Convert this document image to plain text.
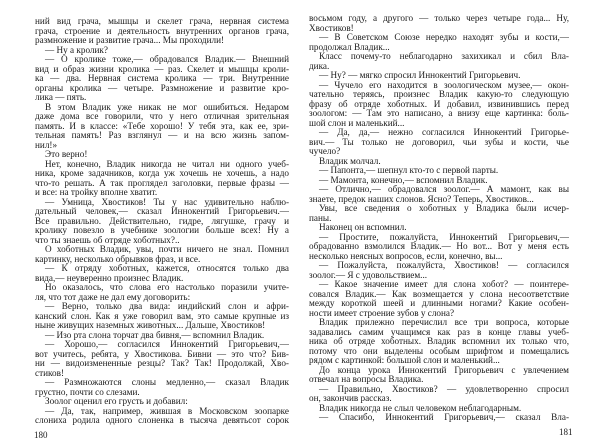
ний вид грача, мышцы и скелет грача, нервная система
грача, строение и деятельность внутренних органов грача,
размножение и развитие грача... Мы проходили!
— Ну а кролик?
— О кролике тоже,— обрадовался Владик.— Внешний
вид и образ жизни кролика — раз. Скелет и мышцы кроли-
ка — два. Нервная система кролика — три. Внутренние
органы кролика — четыре. Размножение и развитие кро-
лика — пять.
В этом Владик уже никак не мог ошибиться. Недаром
даже дома все говорили, что у него отличная зрительная
память. И в классе: «Тебе хорошо! У тебя эта, как ее, зри-
тельная память! Раз взглянул — и на всю жизнь запом-
нил!»
Это верно!
Нет, конечно, Владик никогда не читал ни одного учеб-
ника, кроме задачников, когда уж хочешь не хочешь, а надо
что-то решать. А так проглядел заголовки, первые фразы —
и все: на тройку вполне хватит.
— Умница, Хвостиков! Ты у нас удивительно наблю-
дательный человек,— сказал Иннокентий Григорьевич.—
Все правильно. Действительно, гидре, лягушке, грачу и
кролику повезло в учебнике зоологии больше всех! Ну а
что ты знаешь об отряде хоботных?..
О хоботных Владик, увы, почти ничего не знал. Помнил
картинку, несколько обрывков фраз, и все.
— К отряду хоботных, кажется, относятся только два
вида,— неуверенно произнес Владик.
Но оказалось, что слова его настолько поразили учите-
ля, что тот даже не дал ему договорить:
— Верно, только два вида: индийский слон и афри-
канский слон. Как я уже говорил вам, это самые крупные из
ныне живущих наземных животных... Дальше, Хвостиков!
— Изо рта слона торчат два бивня,— вспомнил Владик.
— Хорошо,— согласился Иннокентий Григорьевич,—
вот учитесь, ребята, у Хвостикова. Бивни — это что? Бив-
ни — видоизмененные резцы? Так? Так! Продолжай, Хво-
стиков!
— Размножаются слоны медленно,— сказал Владик
грустно, почти со слезами.
Зоолог оценил его грусть и добавил:
— Да, так, например, жившая в Московском зоопарке
слониха родила одного слоненка в тысяча девятьсот сорок
восьмом году, а другого — только через четыре года... Ну,
Хвостиков!
— В Советском Союзе нередко находят зубы и кости,—
продолжал Владик...
Класс почему-то неблагодарно захихикал и сбил Вла-
дика.
— Ну? — мягко спросил Иннокентий Григорьевич.
— Чучело его находится в зоологическом музее,— окон-
чательно теряясь, произнес Владик какую-то следующую
фразу об отряде хоботных. И добавил, извинившись перед
зоологом: — Там это написано, а внизу еще картинка: боль-
шой слон и маленький...
— Да, да,— нежно согласился Иннокентий Григорье-
вич.— Ты только не договорил, чьи зубы и кости, чье
чучело?
Владик молчал.
— Папонта,— шепнул кто-то с первой парты.
— Мамонта, конечно,— вспомнил Владик.
— Отлично,— обрадовался зоолог.— А мамонт, как вы
знаете, предок наших слонов. Ясно? Теперь, Хвостиков...
Увы, все сведения о хоботных у Владика были исчер-
паны.
Наконец он вспомнил.
— Простите, пожалуйста, Иннокентий Григорьевич,—
обрадованно взмолился Владик.— Но вот... Вот у меня есть
несколько неясных вопросов, если, конечно, вы...
— Пожалуйста, пожалуйста, Хвостиков! — согласился
зоолог.— Я с удовольствием...
— Какое значение имеет для слона хобот? — поинтере-
совался Владик.— Как возмещается у слона несоответствие
между короткой шеей и длинными ногами? Какие особен-
ности имеет строение зубов у слона?
Владик прилежно перечислил все три вопроса, которые
задавались самим учащимся как раз в конце главы учеб-
ника об отряде хоботных. Владик вспомнил их только что,
потому что они выделены особым шрифтом и помещались
рядом с картинкой: большой слон и маленький...
До конца урока Иннокентий Григорьевич с увлечением
отвечал на вопросы Владика.
— Правильно, Хвостиков? — удовлетворенно спросил
он, закончив рассказ.
Владик никогда не слыл человеком неблагодарным.
— Спасибо, Иннокентий Григорьевич,— сказал Вла-
180	181
